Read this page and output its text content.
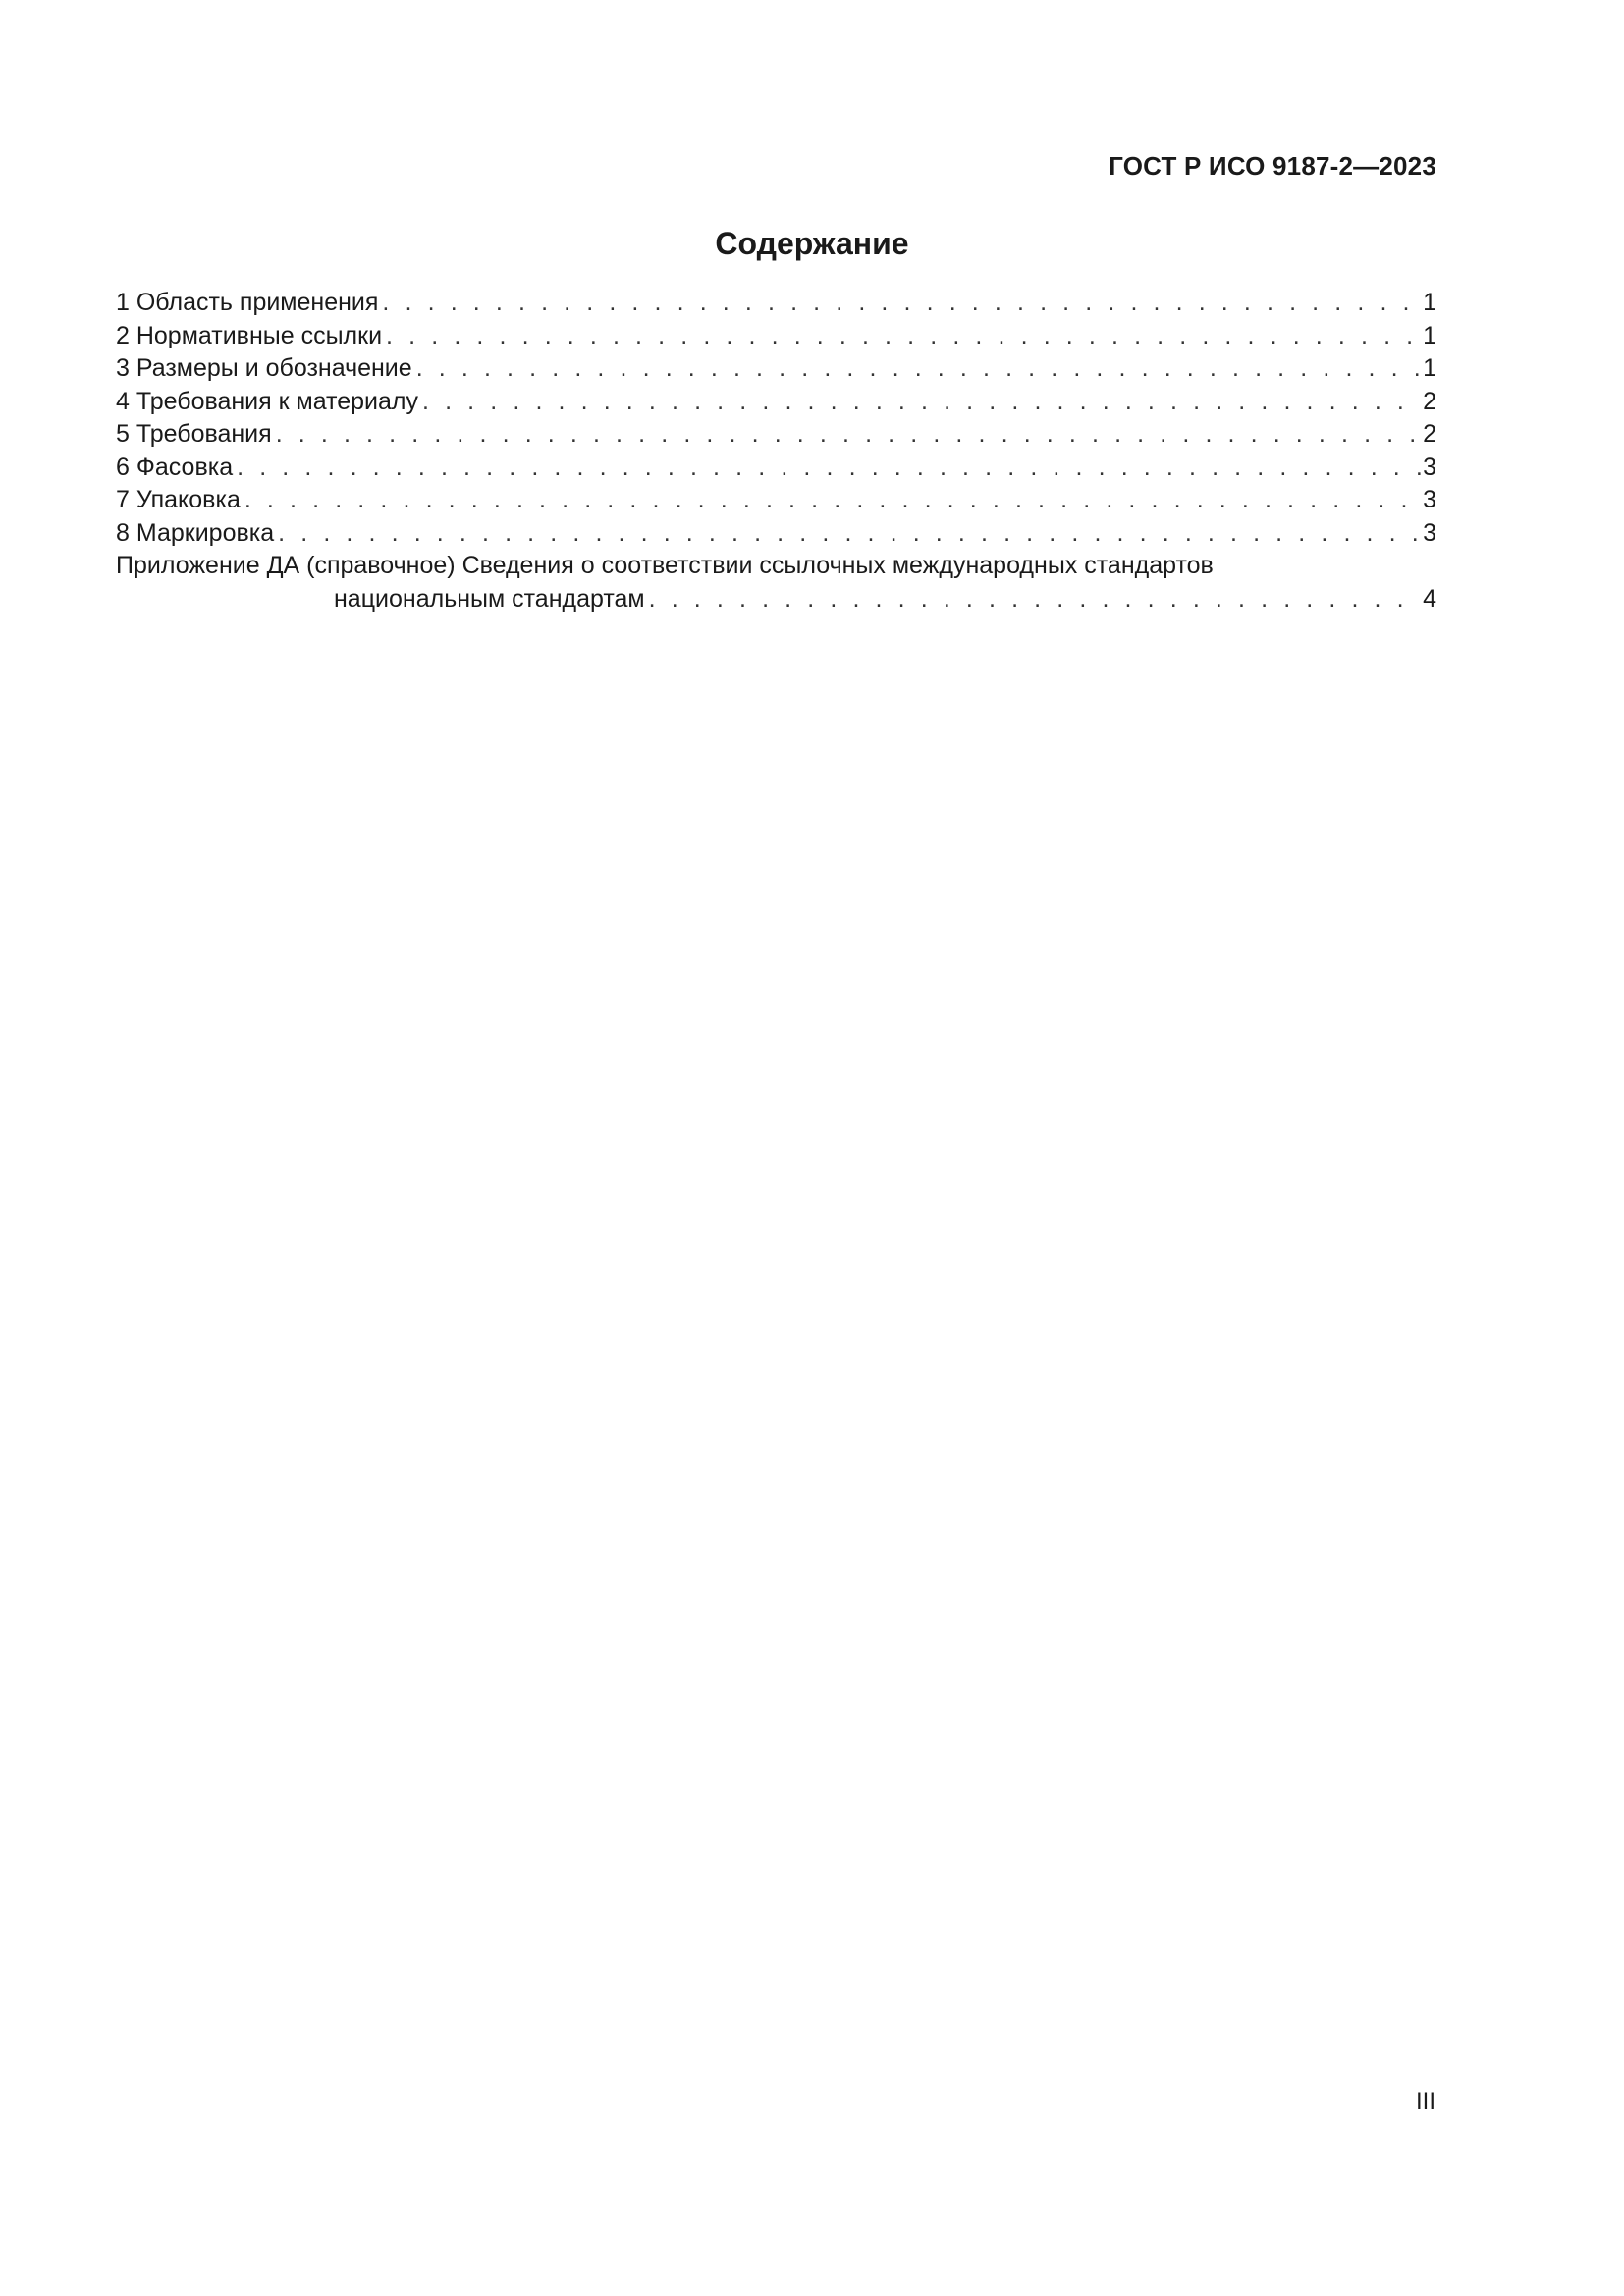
ГОСТ Р ИСО 9187-2—2023
Содержание
1 Область применения . . .	1
2 Нормативные ссылки . . .	1
3 Размеры и обозначение . . .	1
4 Требования к материалу . . .	2
5 Требования . . .	2
6 Фасовка . . .	3
7 Упаковка . . .	3
8 Маркировка . . .	3
Приложение ДА (справочное) Сведения о соответствии ссылочных международных стандартов
национальным стандартам . . .	4
III
